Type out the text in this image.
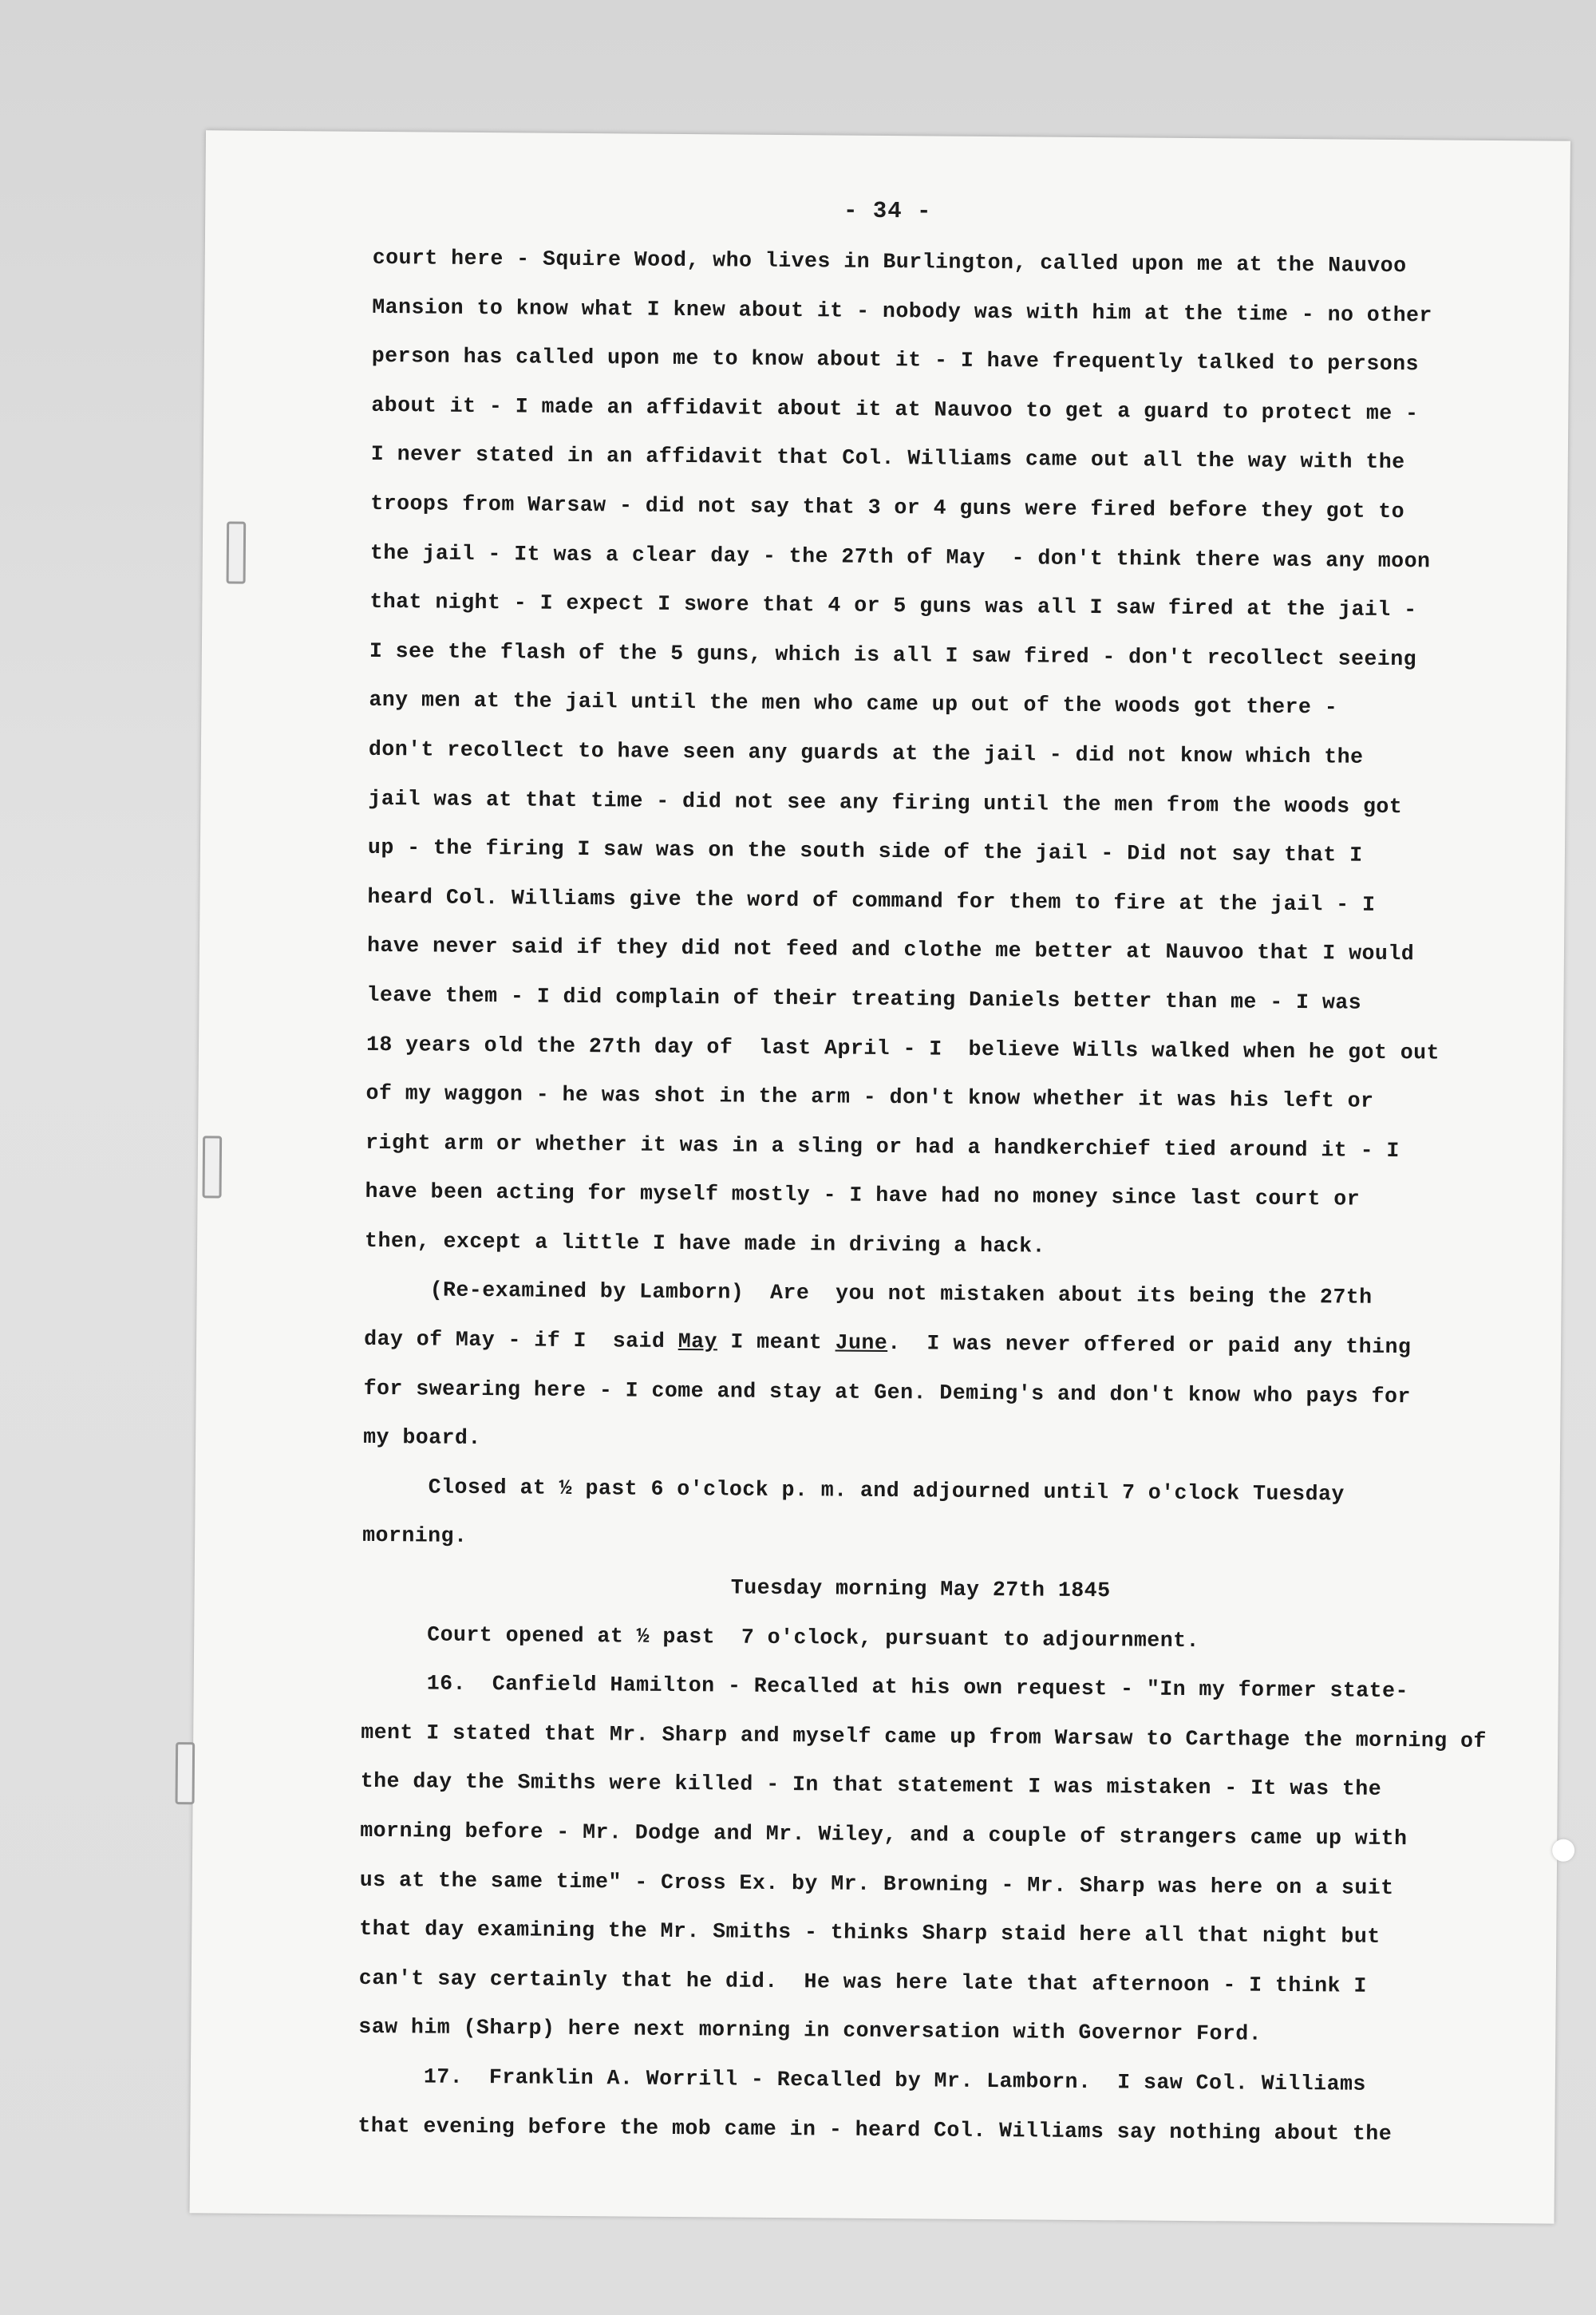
- 34 -
court here - Squire Wood, who lives in Burlington, called upon me at the Nauvoo
Mansion to know what I knew about it - nobody was with him at the time - no other
person has called upon me to know about it - I have frequently talked to persons
about it - I made an affidavit about it at Nauvoo to get a guard to protect me -
I never stated in an affidavit that Col. Williams came out all the way with the
troops from Warsaw - did not say that 3 or 4 guns were fired before they got to
the jail - It was a clear day - the 27th of May  - don't think there was any moon
that night - I expect I swore that 4 or 5 guns was all I saw fired at the jail -
I see the flash of the 5 guns, which is all I saw fired - don't recollect seeing
any men at the jail until the men who came up out of the woods got there -
don't recollect to have seen any guards at the jail - did not know which the
jail was at that time - did not see any firing until the men from the woods got
up - the firing I saw was on the south side of the jail - Did not say that I
heard Col. Williams give the word of command for them to fire at the jail - I
have never said if they did not feed and clothe me better at Nauvoo that I would
leave them - I did complain of their treating Daniels better than me - I was
18 years old the 27th day of  last April - I  believe Wills walked when he got out
of my waggon - he was shot in the arm - don't know whether it was his left or
right arm or whether it was in a sling or had a handkerchief tied around it - I
have been acting for myself mostly - I have had no money since last court or
then, except a little I have made in driving a hack.
(Re-examined by Lamborn)  Are  you not mistaken about its being the 27th
day of May - if I  said May I meant June.  I was never offered or paid any thing
for swearing here - I come and stay at Gen. Deming's and don't know who pays for
my board.
Closed at ½ past 6 o'clock p. m. and adjourned until 7 o'clock Tuesday
morning.
Tuesday morning May 27th 1845
Court opened at ½ past  7 o'clock, pursuant to adjournment.
16.  Canfield Hamilton - Recalled at his own request - "In my former state-
ment I stated that Mr. Sharp and myself came up from Warsaw to Carthage the morning of
the day the Smiths were killed - In that statement I was mistaken - It was the
morning before - Mr. Dodge and Mr. Wiley, and a couple of strangers came up with
us at the same time" - Cross Ex. by Mr. Browning - Mr. Sharp was here on a suit
that day examining the Mr. Smiths - thinks Sharp staid here all that night but
can't say certainly that he did.  He was here late that afternoon - I think I
saw him (Sharp) here next morning in conversation with Governor Ford.
17.  Franklin A. Worrill - Recalled by Mr. Lamborn.  I saw Col. Williams
that evening before the mob came in - heard Col. Williams say nothing about the
